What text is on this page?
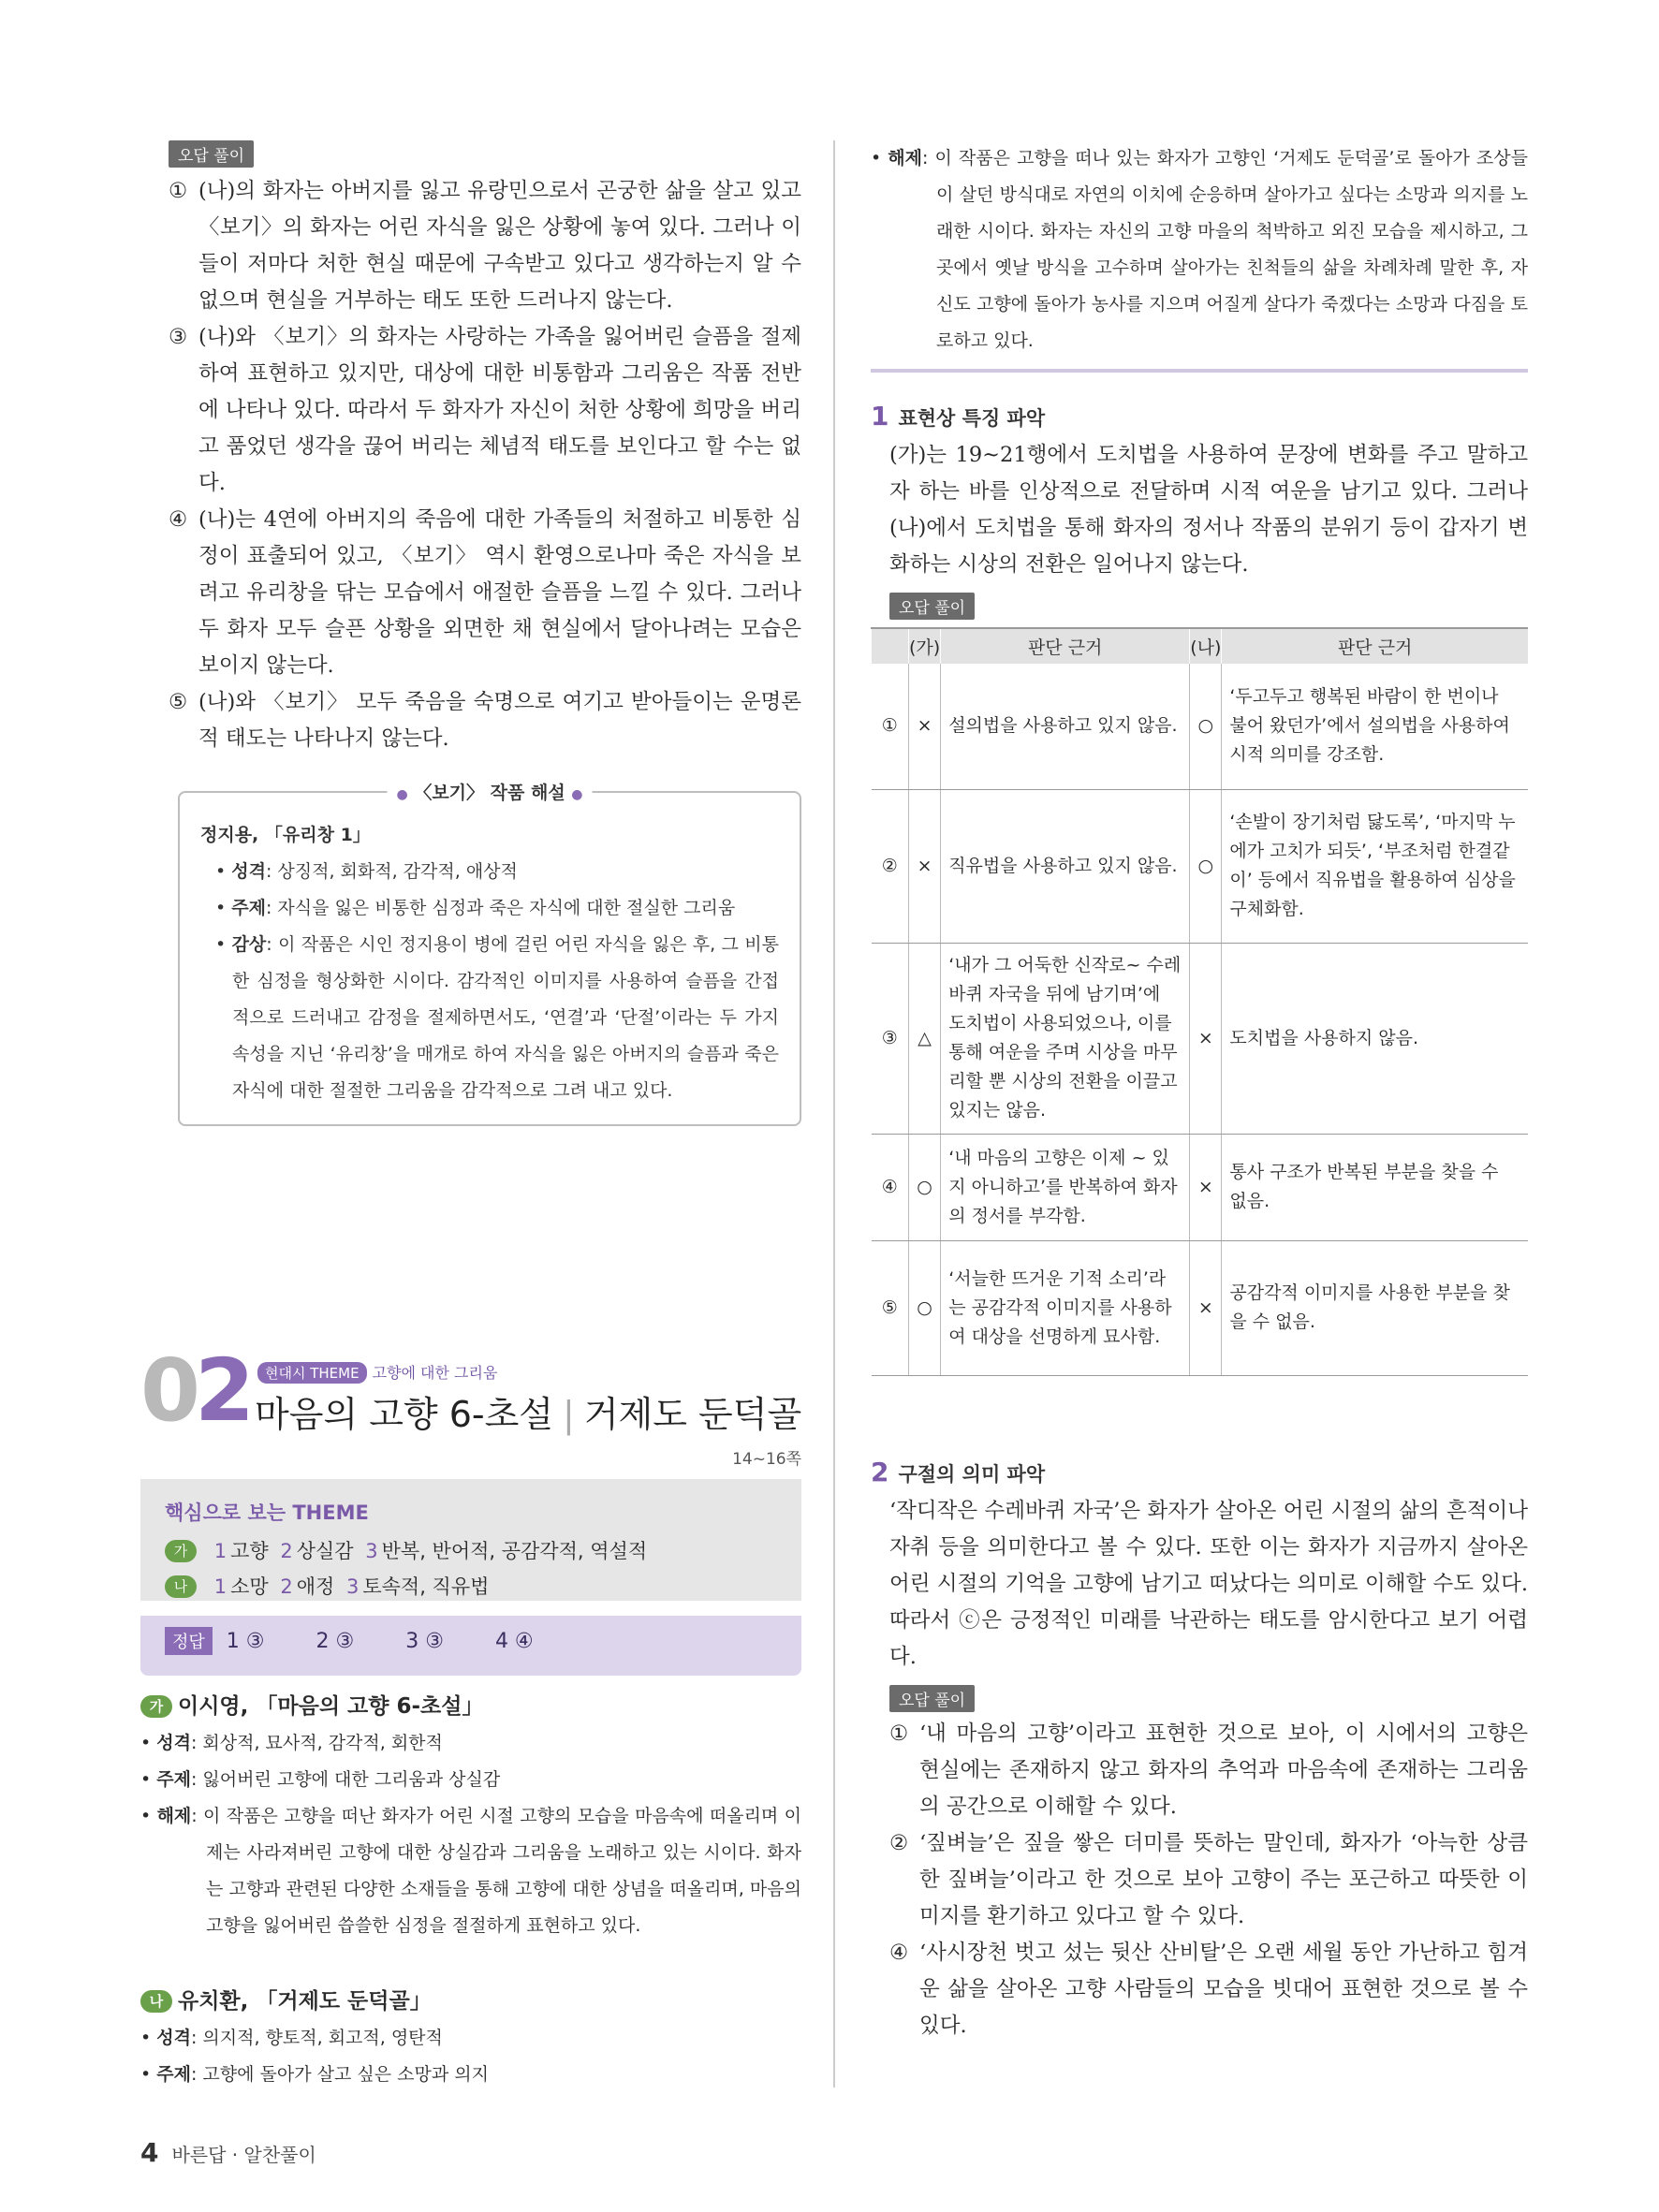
오답 풀이
① (나)의 화자는 아버지를 잃고 유랑민으로서 곤궁한 삶을 살고 있고 〈보기〉의 화자는 어린 자식을 잃은 상황에 놓여 있다. 그러나 이들이 저마다 처한 현실 때문에 구속받고 있다고 생각하는지 알 수 없으며 현실을 거부하는 태도 또한 드러나지 않는다.
③ (나)와 〈보기〉의 화자는 사랑하는 가족을 잃어버린 슬픔을 절제하여 표현하고 있지만, 대상에 대한 비통함과 그리움은 작품 전반에 나타나 있다. 따라서 두 화자가 자신이 처한 상황에 희망을 버리고 품었던 생각을 끊어 버리는 체념적 태도를 보인다고 할 수는 없다.
④ (나)는 4연에 아버지의 죽음에 대한 가족들의 처절하고 비통한 심정이 표출되어 있고, 〈보기〉 역시 환영으로나마 죽은 자식을 보려고 유리창을 닦는 모습에서 애절한 슬픔을 느낄 수 있다. 그러나 두 화자 모두 슬픈 상황을 외면한 채 현실에서 달아나려는 모습은 보이지 않는다.
⑤ (나)와 〈보기〉 모두 죽음을 숙명으로 여기고 받아들이는 운명론적 태도는 나타나지 않는다.
● 〈보기〉 작품 해설 ●
정지용, 「유리창 1」
• 성격: 상징적, 회화적, 감각적, 애상적
• 주제: 자식을 잃은 비통한 심정과 죽은 자식에 대한 절실한 그리움
• 감상: 이 작품은 시인 정지용이 병에 걸린 어린 자식을 잃은 후, 그 비통한 심정을 형상화한 시이다. 감각적인 이미지를 사용하여 슬픔을 간접적으로 드러내고 감정을 절제하면서도, ‘연결’과 ‘단절’이라는 두 가지 속성을 지닌 ‘유리창’을 매개로 하여 자식을 잃은 아버지의 슬픔과 죽은 자식에 대한 절절한 그리움을 감각적으로 그려 내고 있다.
02	현대시 THEME 고향에 대한 그리움
마음의 고향 6-초설 | 거제도 둔덕골
14~16쪽
핵심으로 보는 THEME
가 1 고향 2 상실감 3 반복, 반어적, 공감각적, 역설적
나 1 소망 2 애정 3 토속적, 직유법
정답 1 ③	2 ③	3 ③	4 ④
가 이시영, 「마음의 고향 6-초설」
• 성격: 회상적, 묘사적, 감각적, 회한적
• 주제: 잃어버린 고향에 대한 그리움과 상실감
• 해제: 이 작품은 고향을 떠난 화자가 어린 시절 고향의 모습을 마음속에 떠올리며 이제는 사라져버린 고향에 대한 상실감과 그리움을 노래하고 있는 시이다. 화자는 고향과 관련된 다양한 소재들을 통해 고향에 대한 상념을 떠올리며, 마음의 고향을 잃어버린 씁쓸한 심정을 절절하게 표현하고 있다.
나 유치환, 「거제도 둔덕골」
• 성격: 의지적, 향토적, 회고적, 영탄적
• 주제: 고향에 돌아가 살고 싶은 소망과 의지
• 해제: 이 작품은 고향을 떠나 있는 화자가 고향인 ‘거제도 둔덕골’로 돌아가 조상들이 살던 방식대로 자연의 이치에 순응하며 살아가고 싶다는 소망과 의지를 노래한 시이다. 화자는 자신의 고향 마을의 척박하고 외진 모습을 제시하고, 그곳에서 옛날 방식을 고수하며 살아가는 친척들의 삶을 차례차례 말한 후, 자신도 고향에 돌아가 농사를 지으며 어질게 살다가 죽겠다는 소망과 다짐을 토로하고 있다.
1 표현상 특징 파악
(가)는 19~21행에서 도치법을 사용하여 문장에 변화를 주고 말하고자 하는 바를 인상적으로 전달하며 시적 여운을 남기고 있다. 그러나 (나)에서 도치법을 통해 화자의 정서나 작품의 분위기 등이 갑자기 변화하는 시상의 전환은 일어나지 않는다.
오답 풀이
	(가)	판단 근거	(나)	판단 근거
①	×	설의법을 사용하고 있지 않음.	○	‘두고두고 행복된 바람이 한 번이나 불어 왔던가’에서 설의법을 사용하여 시적 의미를 강조함.
②	×	직유법을 사용하고 있지 않음.	○	‘손발이 장기처럼 닳도록’, ‘마지막 누에가 고치가 되듯’, ‘부조처럼 한결같이’ 등에서 직유법을 활용하여 심상을 구체화함.
③	△	‘내가 그 어둑한 신작로~ 수레바퀴 자국을 뒤에 남기며’에 도치법이 사용되었으나, 이를 통해 여운을 주며 시상을 마무리할 뿐 시상의 전환을 이끌고 있지는 않음.	×	도치법을 사용하지 않음.
④	○	‘내 마음의 고향은 이제 ~ 있지 아니하고’를 반복하여 화자의 정서를 부각함.	×	통사 구조가 반복된 부분을 찾을 수 없음.
⑤	○	‘서늘한 뜨거운 기적 소리’라는 공감각적 이미지를 사용하여 대상을 선명하게 묘사함.	×	공감각적 이미지를 사용한 부분을 찾을 수 없음.
2 구절의 의미 파악
‘작디작은 수레바퀴 자국’은 화자가 살아온 어린 시절의 삶의 흔적이나 자취 등을 의미한다고 볼 수 있다. 또한 이는 화자가 지금까지 살아온 어린 시절의 기억을 고향에 남기고 떠났다는 의미로 이해할 수도 있다. 따라서 ⓒ은 긍정적인 미래를 낙관하는 태도를 암시한다고 보기 어렵다.
오답 풀이
① ‘내 마음의 고향’이라고 표현한 것으로 보아, 이 시에서의 고향은 현실에는 존재하지 않고 화자의 추억과 마음속에 존재하는 그리움의 공간으로 이해할 수 있다.
② ‘짚벼늘’은 짚을 쌓은 더미를 뜻하는 말인데, 화자가 ‘아늑한 상큼한 짚벼늘’이라고 한 것으로 보아 고향이 주는 포근하고 따뜻한 이미지를 환기하고 있다고 할 수 있다.
④ ‘사시장천 벗고 섰는 뒷산 산비탈’은 오랜 세월 동안 가난하고 힘겨운 삶을 살아온 고향 사람들의 모습을 빗대어 표현한 것으로 볼 수 있다.
4 바른답 · 알찬풀이
